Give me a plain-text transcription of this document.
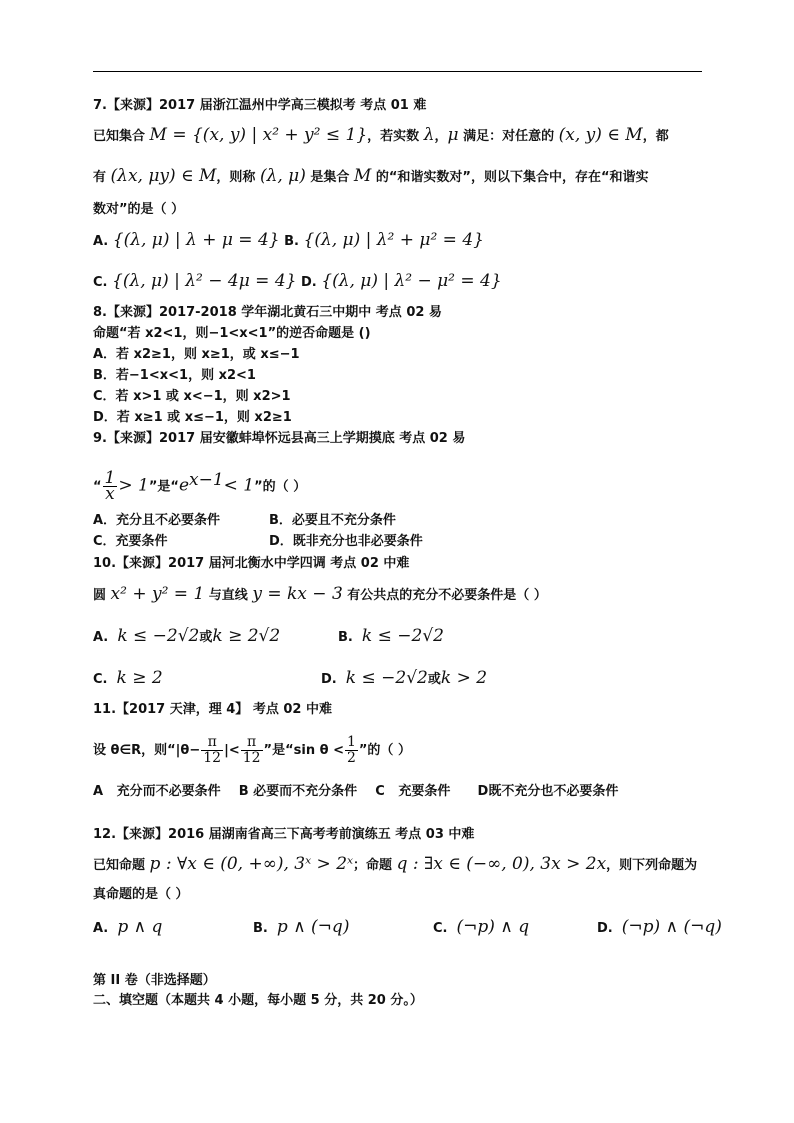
7.【来源】2017 届浙江温州中学高三模拟考 考点 01 难
已知集合 M = {(x, y) | x² + y² ≤ 1}，若实数 λ，μ 满足：对任意的 (x, y) ∈ M，都
有 (λx, μy) ∈ M，则称 (λ, μ) 是集合 M 的“和谐实数对”，则以下集合中，存在“和谐实
数对”的是（ ）
A. {(λ, μ) | λ + μ = 4} B. {(λ, μ) | λ² + μ² = 4}
C. {(λ, μ) | λ² − 4μ = 4} D. {(λ, μ) | λ² − μ² = 4}
8.【来源】2017-2018 学年湖北黄石三中期中 考点 02 易
命题“若 x2<1，则−1<x<1”的逆否命题是 ()
A．若 x2≥1，则 x≥1，或 x≤−1
B．若−1<x<1，则 x2<1
C．若 x>1 或 x<−1，则 x2>1
D．若 x≥1 或 x≤−1，则 x2≥1
9.【来源】2017 届安徽蚌埠怀远县高三上学期摸底 考点 02 易
“ $\frac{1}{x} > 1$”是“$e^{x-1}< 1$”的（ ）
A．充分且不必要条件	B．必要且不充分条件
C．充要条件	D．既非充分也非必要条件
10.【来源】2017 届河北衡水中学四调 考点 02 中难
圆 x² + y² = 1 与直线 y = kx − 3 有公共点的充分不必要条件是（ ）
A. k ≤ −2√2或k ≥ 2√2	B. k ≤ −2√2
C. k ≥ 2	D. k ≤ −2√2或k > 2
11.【2017 天津，理 4】 考点 02 中难
设 θ∈R，则“$|\theta- \frac{\pi}{12}$ |< $\frac{\pi}{12}$ ”是“sin $\theta < \frac{1}{2}$ ”的（ ）
A   充分而不必要条件    B 必要而不充分条件    C   充要条件      D既不充分也不必要条件
12.【来源】2016 届湖南省高三下高考考前演练五 考点 03 中难
已知命题 p : ∀x ∈ (0, +∞), 3ˣ > 2ˣ；命题 q : ∃x ∈ (−∞, 0), 3x > 2x，则下列命题为
真命题的是（ ）
A. p ∧ q	B. p ∧ (¬q)	C. (¬p) ∧ q	D. (¬p) ∧ (¬q)
第 II 卷（非选择题）
二、填空题（本题共 4 小题，每小题 5 分，共 20 分。）
